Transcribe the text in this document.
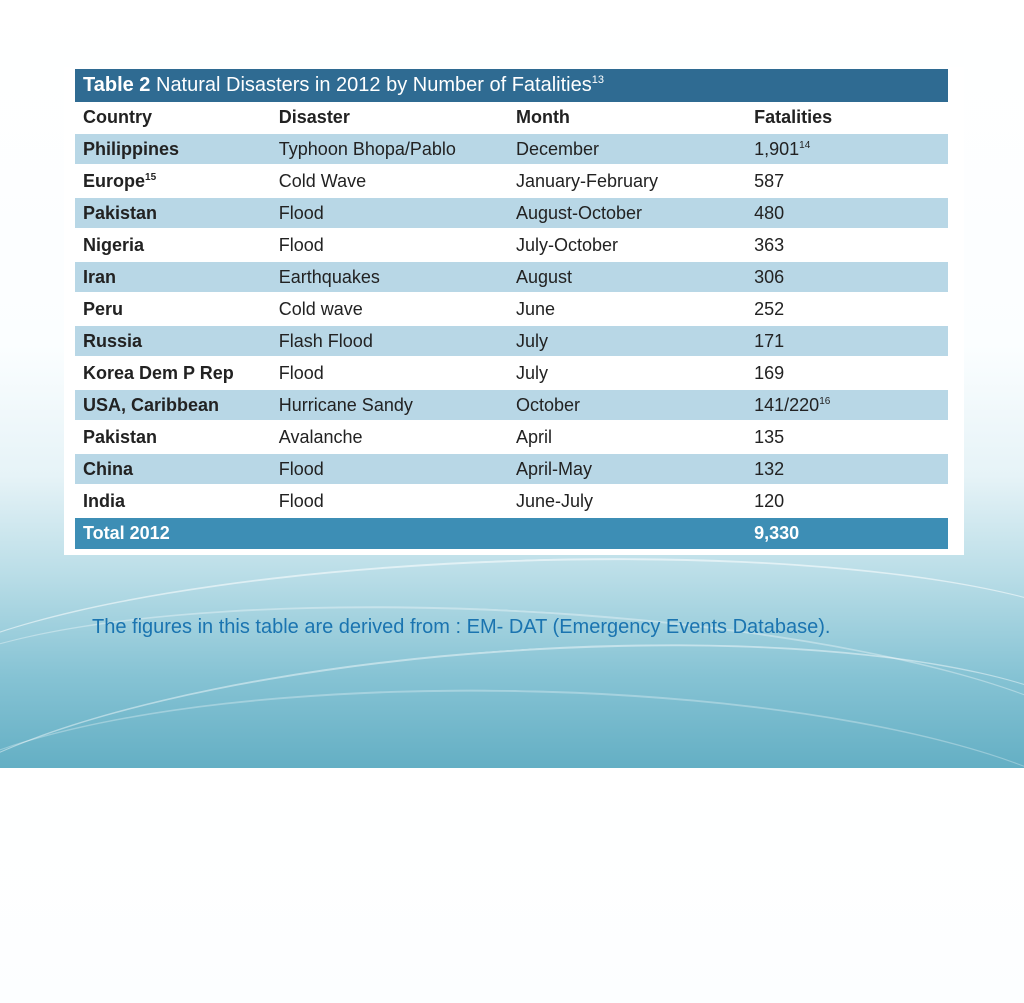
Table 2 Natural Disasters in 2012 by Number of Fatalities$^{13}$
Country	Disaster	Month	Fatalities
Philippines	Typhoon Bhopa/Pablo	December	1,901$^{14}$
Europe$^{15}$	Cold Wave	January-February	587
Pakistan	Flood	August-October	480
Nigeria	Flood	July-October	363
Iran	Earthquakes	August	306
Peru	Cold wave	June	252
Russia	Flash Flood	July	171
Korea Dem P Rep	Flood	July	169
USA, Caribbean	Hurricane Sandy	October	$141/220^{16}$
Pakistan	Avalanche	April	135
China	Flood	April-May	132
India	Flood	June-July	120
Total 2012			9,330
The figures in this table are derived from : EM- DAT (Emergency Events Database).
